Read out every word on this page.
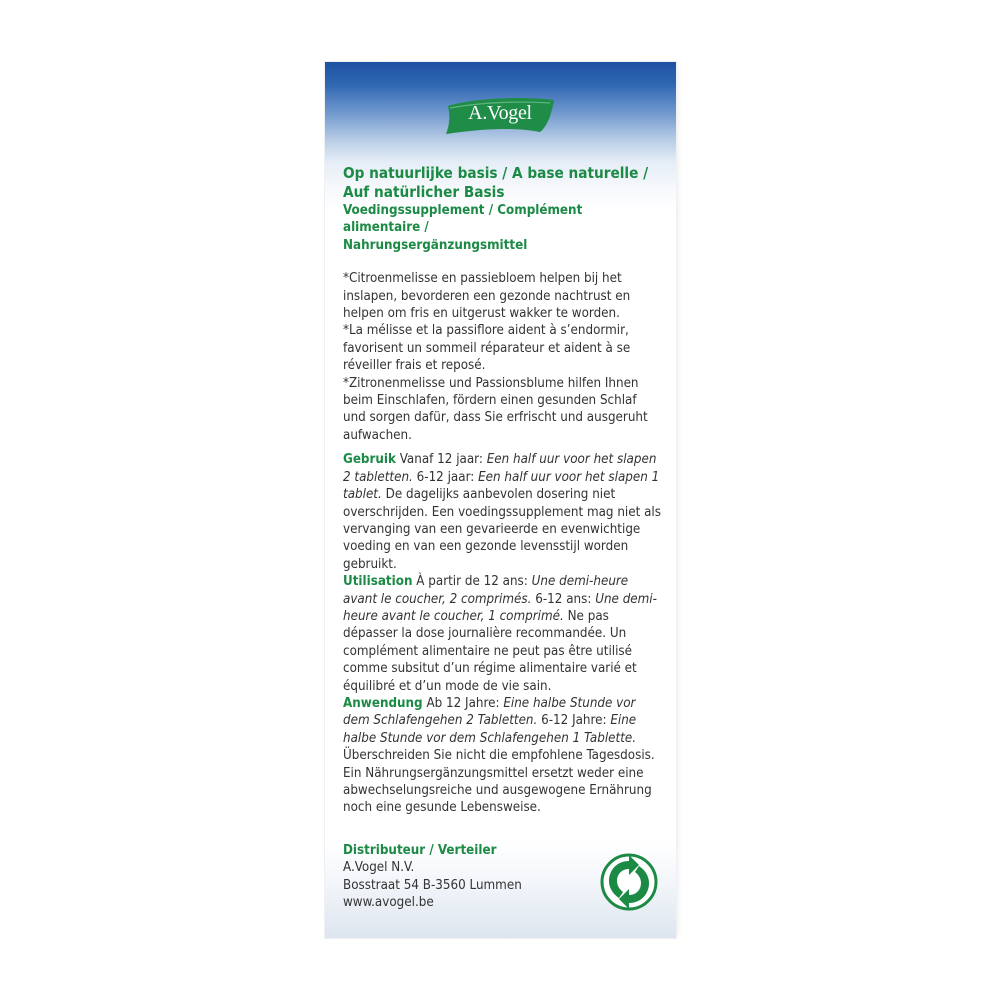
A.Vogel
Op natuurlijke basis / A base naturelle /
Auf natürlicher Basis
Voedingssupplement / Complément alimentaire /
Nahrungsergänzungsmittel

*Citroenmelisse en passiebloem helpen bij het inslapen, bevorderen een gezonde nachtrust en helpen om fris en uitgerust wakker te worden.

*La mélisse et la passiflore aident à s’endormir, favorisent un sommeil réparateur et aident à se réveiller frais et reposé.

*Zitronenmelisse und Passionsblume hilfen Ihnen beim Einschlafen, fördern einen gesunden Schlaf und sorgen dafür, dass Sie erfrischt und ausgeruht aufwachen.

Gebruik Vanaf 12 jaar: Een half uur voor het slapen 2 tabletten. 6-12 jaar: Een half uur voor het slapen 1 tablet. De dagelijks aanbevolen dosering niet overschrijden. Een voedingssupplement mag niet als vervanging van een gevarieerde en evenwichtige voeding en van een gezonde levensstijl worden gebruikt.

Utilisation À partir de 12 ans: Une demi-heure avant le coucher, 2 comprimés. 6-12 ans: Une demi-heure avant le coucher, 1 comprimé. Ne pas dépasser la dose journalière recommandée. Un complément alimentaire ne peut pas être utilisé comme subsitut d’un régime alimentaire varié et équilibré et d’un mode de vie sain.

Anwendung Ab 12 Jahre: Eine halbe Stunde vor dem Schlafengehen 2 Tabletten. 6-12 Jahre: Eine halbe Stunde vor dem Schlafengehen 1 Tablette. Überschreiden Sie nicht die empfohlene Tagesdosis. Ein Nährungsergänzungsmittel ersetzt weder eine abwechselungsreiche und ausgewogene Ernährung noch eine gesunde Lebensweise.

Distributeur / Verteiler
A.Vogel N.V.
Bosstraat 54 B-3560 Lummen
www.avogel.be
